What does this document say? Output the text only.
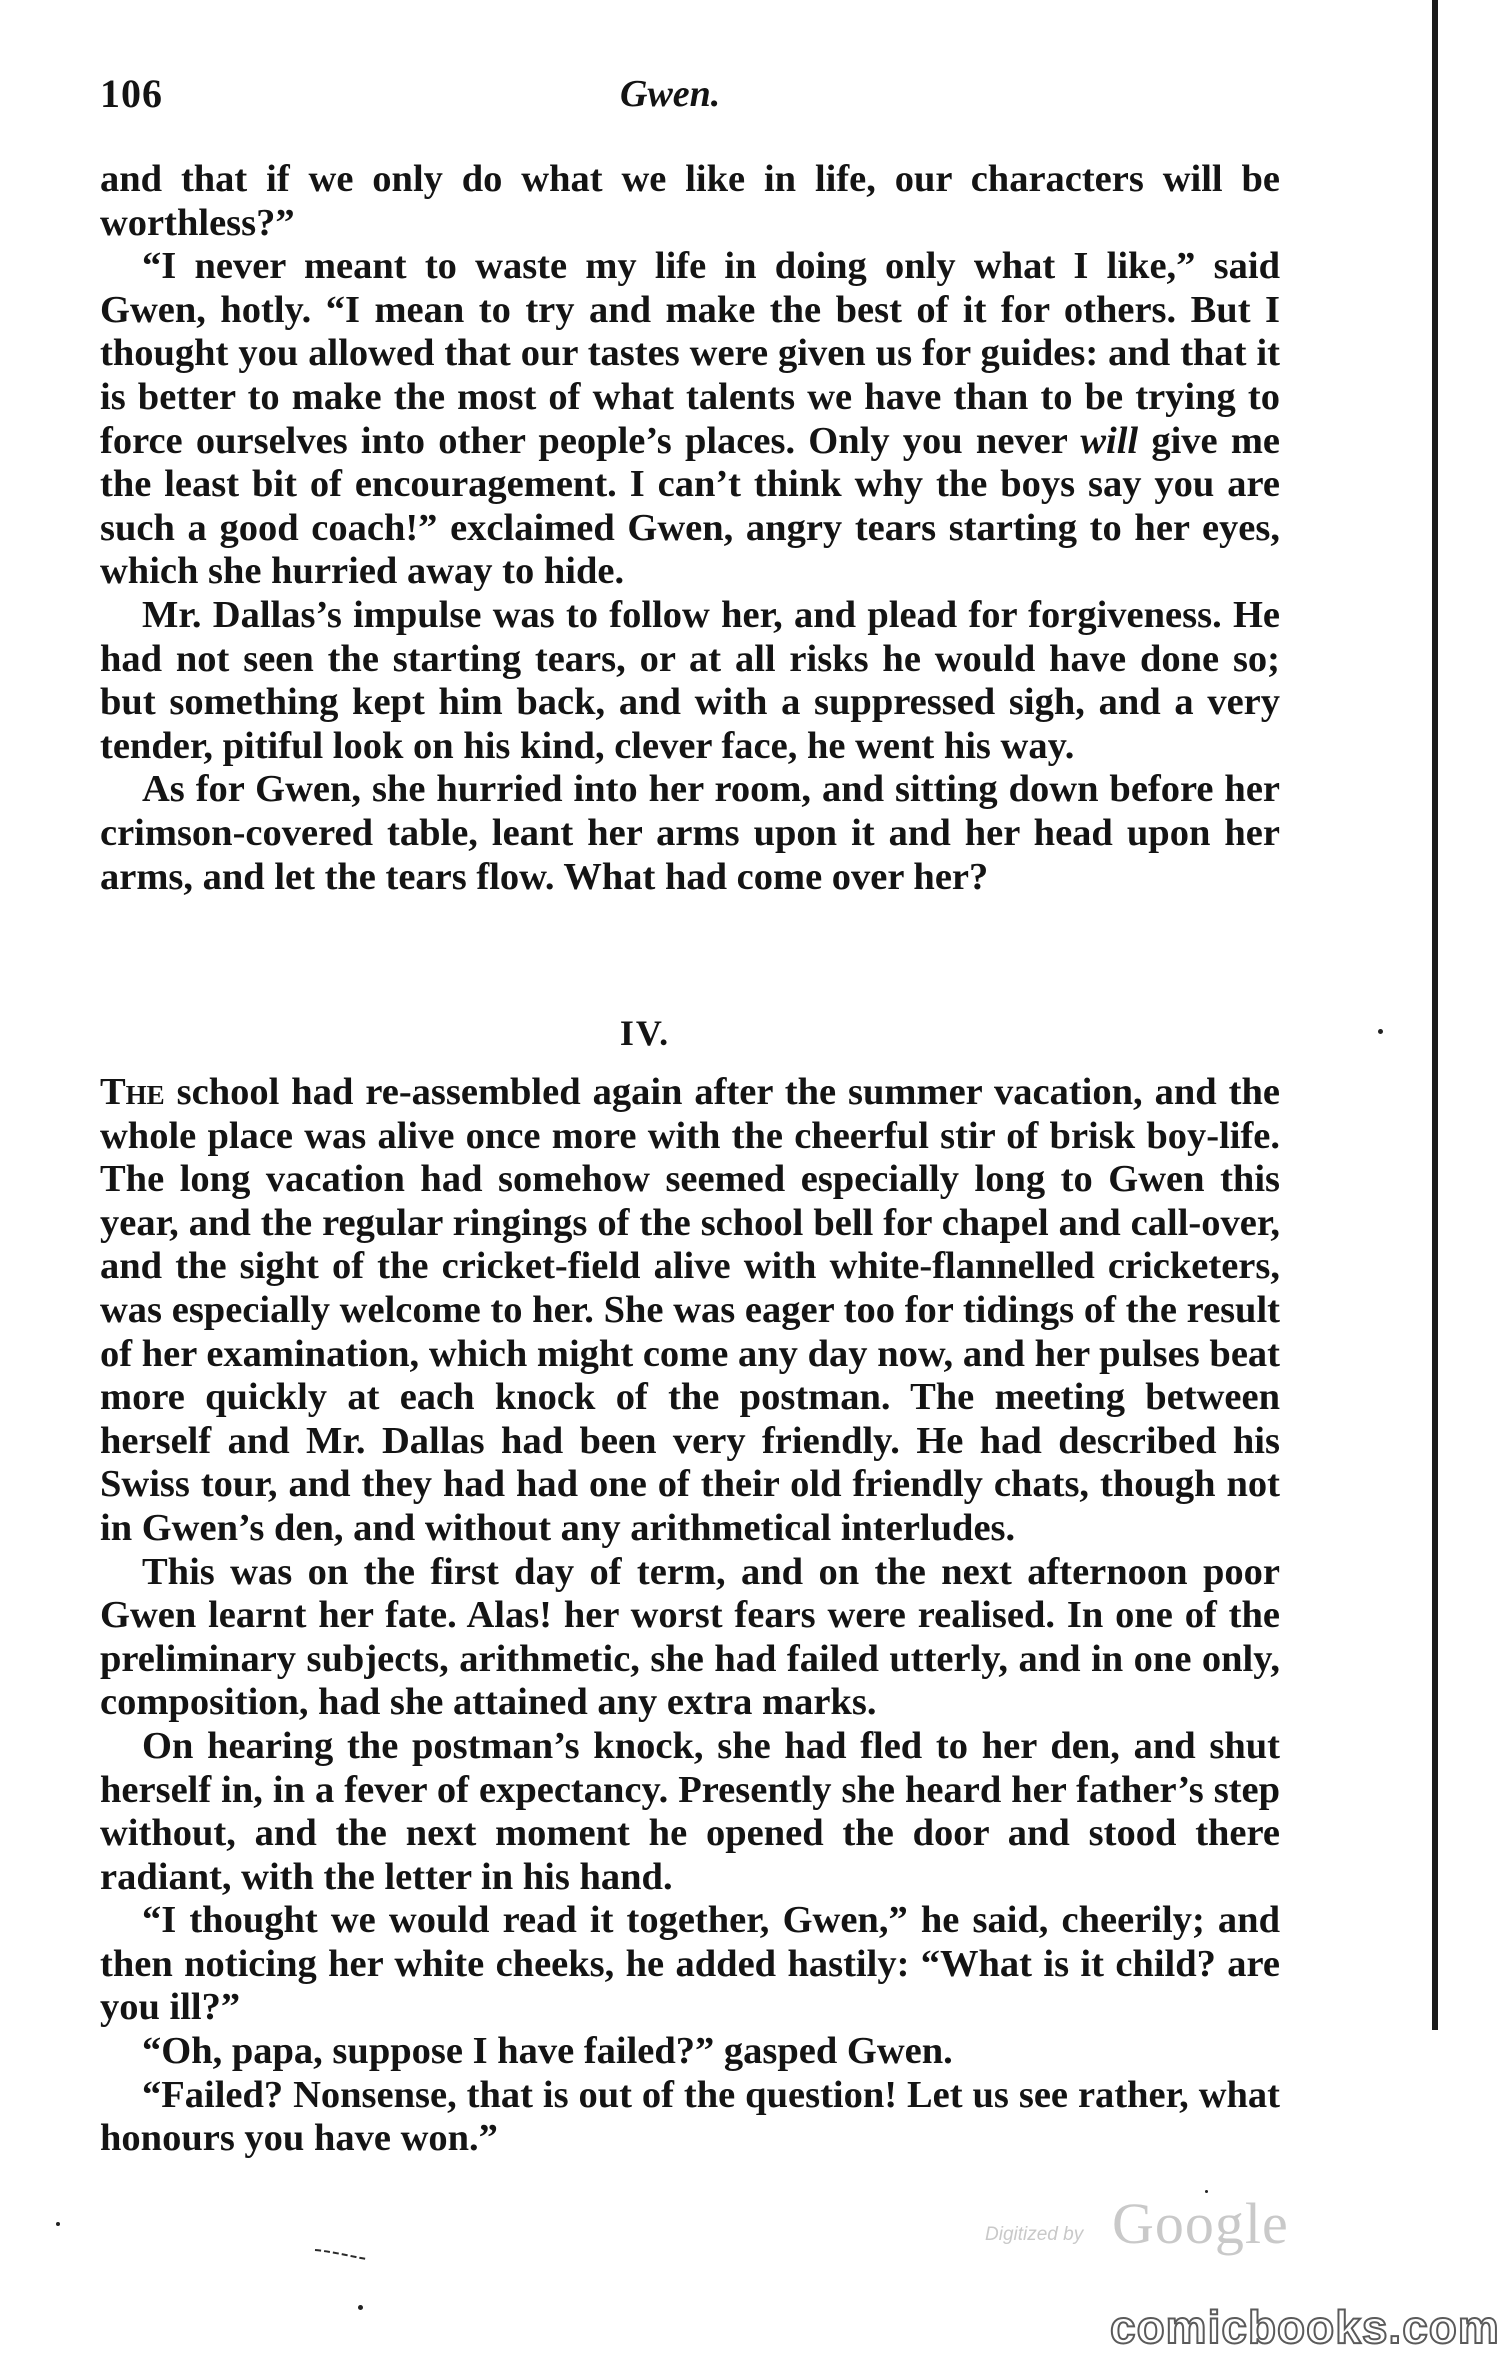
106	Gwen.

and that if we only do what we like in life, our characters will be worthless?”

“I never meant to waste my life in doing only what I like,” said Gwen, hotly. “I mean to try and make the best of it for others. But I thought you allowed that our tastes were given us for guides: and that it is better to make the most of what talents we have than to be trying to force ourselves into other people’s places. Only you never will give me the least bit of encouragement. I can’t think why the boys say you are such a good coach!” exclaimed Gwen, angry tears starting to her eyes, which she hurried away to hide.

Mr. Dallas’s impulse was to follow her, and plead for forgiveness. He had not seen the starting tears, or at all risks he would have done so; but something kept him back, and with a suppressed sigh, and a very tender, pitiful look on his kind, clever face, he went his way.

As for Gwen, she hurried into her room, and sitting down before her crimson-covered table, leant her arms upon it and her head upon her arms, and let the tears flow. What had come over her?

IV.

The school had re-assembled again after the summer vacation, and the whole place was alive once more with the cheerful stir of brisk boy-life. The long vacation had somehow seemed especially long to Gwen this year, and the regular ringings of the school bell for chapel and call-over, and the sight of the cricket-field alive with white-flannelled cricketers, was especially welcome to her. She was eager too for tidings of the result of her examination, which might come any day now, and her pulses beat more quickly at each knock of the postman. The meeting between herself and Mr. Dallas had been very friendly. He had described his Swiss tour, and they had had one of their old friendly chats, though not in Gwen’s den, and without any arithmetical interludes.

This was on the first day of term, and on the next afternoon poor Gwen learnt her fate. Alas! her worst fears were realised. In one of the preliminary subjects, arithmetic, she had failed utterly, and in one only, composition, had she attained any extra marks.

On hearing the postman’s knock, she had fled to her den, and shut herself in, in a fever of expectancy. Presently she heard her father’s step without, and the next moment he opened the door and stood there radiant, with the letter in his hand.

“I thought we would read it together, Gwen,” he said, cheerily; and then noticing her white cheeks, he added hastily: “What is it child? are you ill?”

“Oh, papa, suppose I have failed?” gasped Gwen.

“Failed? Nonsense, that is out of the question! Let us see rather, what honours you have won.”

Digitized by Google
comicbooks.com
